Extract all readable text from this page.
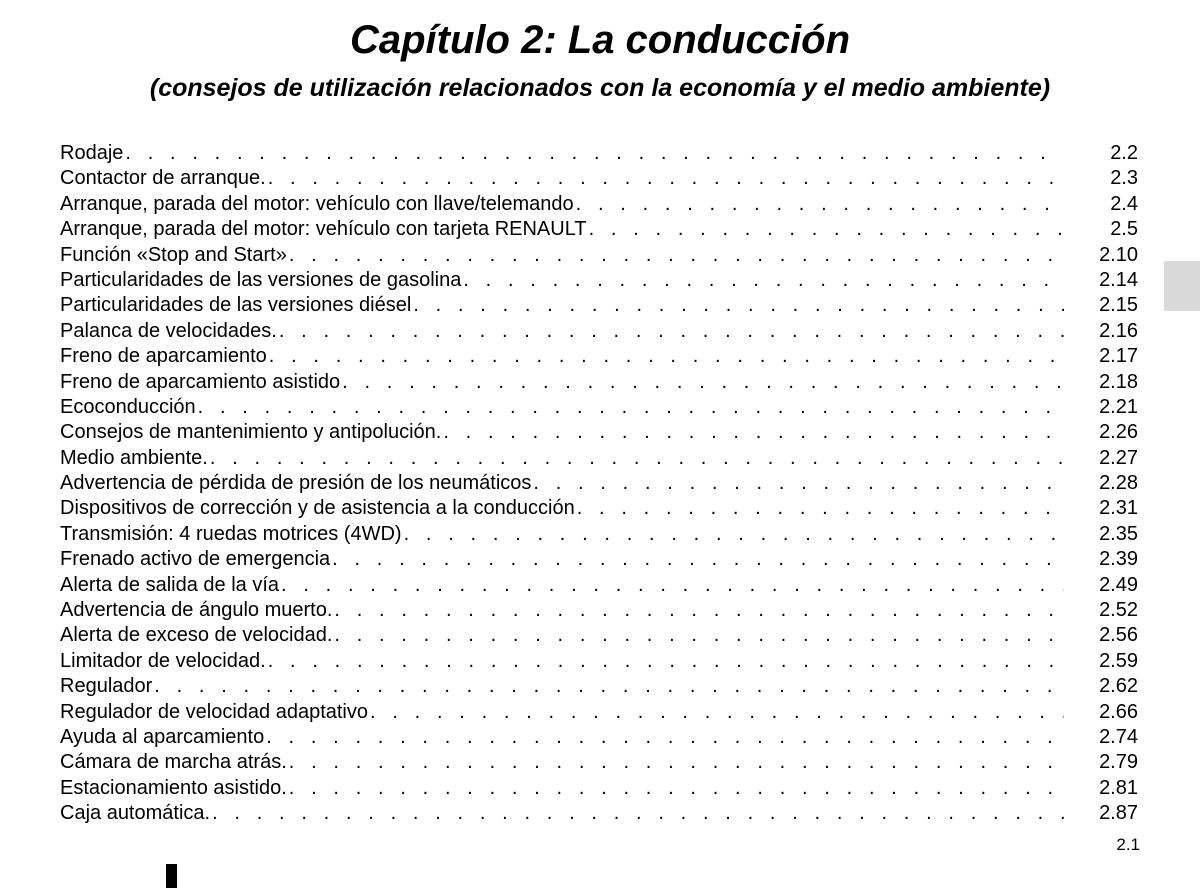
Capítulo 2: La conducción
(consejos de utilización relacionados con la economía y el medio ambiente)
Rodaje . . .	2.2
Contactor de arranque. . . .	2.3
Arranque, parada del motor: vehículo con llave/telemando . . .	2.4
Arranque, parada del motor: vehículo con tarjeta RENAULT . . .	2.5
Función «Stop and Start» . . .	2.10
Particularidades de las versiones de gasolina . . .	2.14
Particularidades de las versiones diésel . . .	2.15
Palanca de velocidades. . . .	2.16
Freno de aparcamiento . . .	2.17
Freno de aparcamiento asistido . . .	2.18
Ecoconducción . . .	2.21
Consejos de mantenimiento y antipolución. . . .	2.26
Medio ambiente. . . .	2.27
Advertencia de pérdida de presión de los neumáticos . . .	2.28
Dispositivos de corrección y de asistencia a la conducción . . .	2.31
Transmisión: 4 ruedas motrices (4WD) . . .	2.35
Frenado activo de emergencia . . .	2.39
Alerta de salida de la vía . . .	2.49
Advertencia de ángulo muerto. . . .	2.52
Alerta de exceso de velocidad. . . .	2.56
Limitador de velocidad. . . .	2.59
Regulador . . .	2.62
Regulador de velocidad adaptativo . . .	2.66
Ayuda al aparcamiento . . .	2.74
Cámara de marcha atrás. . . .	2.79
Estacionamiento asistido. . . .	2.81
Caja automática. . . .	2.87
2.1
